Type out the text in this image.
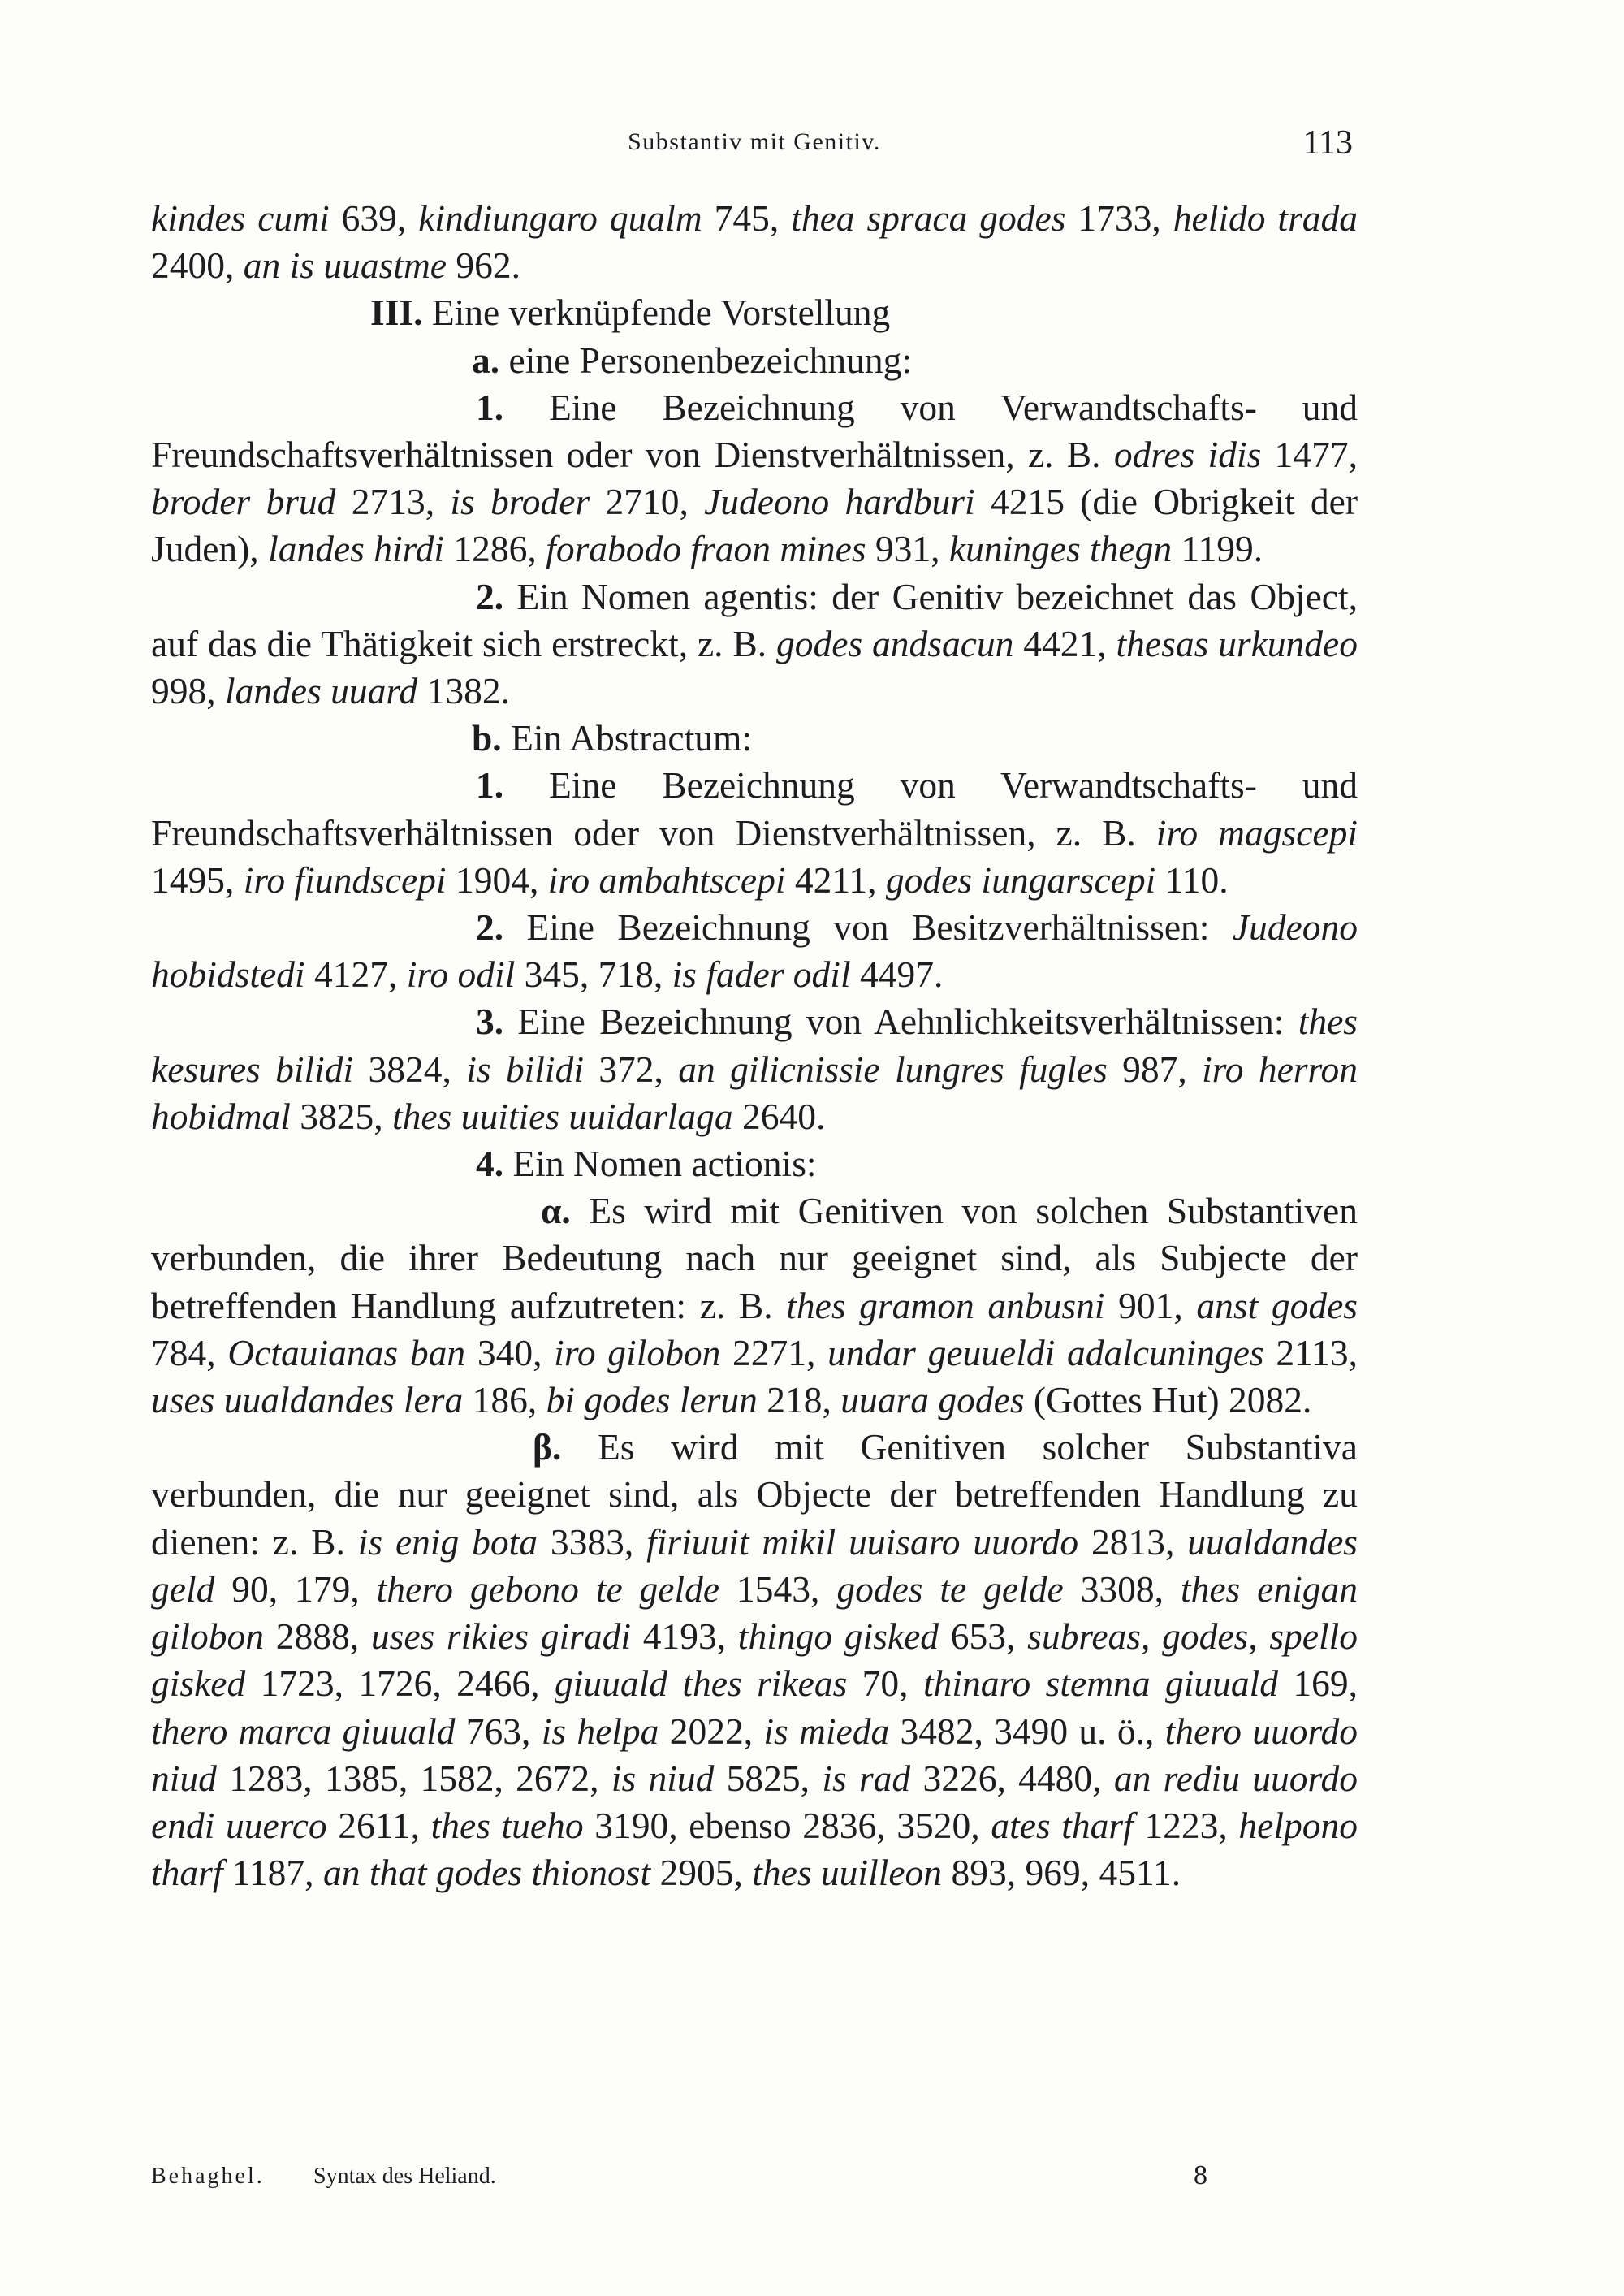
Substantiv mit Genitiv.	113

kindes cumi 639, kindiungaro qualm 745, thea spraca godes 1733, helido trada 2400, an is uuastme 962.

III. Eine verknüpfende Vorstellung

a. eine Personenbezeichnung:

1. Eine Bezeichnung von Verwandtschafts- und Freundschaftsverhältnissen oder von Dienstverhältnissen, z. B. odres idis 1477, broder brud 2713, is broder 2710, Judeono hardburi 4215 (die Obrigkeit der Juden), landes hirdi 1286, forabodo fraon mines 931, kuninges thegn 1199.

2. Ein Nomen agentis: der Genitiv bezeichnet das Object, auf das die Thätigkeit sich erstreckt, z. B. godes andsacun 4421, thesas urkundeo 998, landes uuard 1382.

b. Ein Abstractum:

1. Eine Bezeichnung von Verwandtschafts- und Freundschaftsverhältnissen oder von Dienstverhältnissen, z. B. iro magscepi 1495, iro fiundscepi 1904, iro ambahtscepi 4211, godes iungarscepi 110.

2. Eine Bezeichnung von Besitzverhältnissen: Judeono hobidstedi 4127, iro odil 345, 718, is fader odil 4497.

3. Eine Bezeichnung von Aehnlichkeitsverhältnissen: thes kesures bilidi 3824, is bilidi 372, an gilicnissie lungres fugles 987, iro herron hobidmal 3825, thes uuities uuidarlaga 2640.

4. Ein Nomen actionis:

α. Es wird mit Genitiven von solchen Substantiven verbunden, die ihrer Bedeutung nach nur geeignet sind, als Subjecte der betreffenden Handlung aufzutreten: z. B. thes gramon anbusni 901, anst godes 784, Octauianas ban 340, iro gilobon 2271, undar geuueldi adalcuninges 2113, uses uualdandes lera 186, bi godes lerun 218, uuara godes (Gottes Hut) 2082.

β. Es wird mit Genitiven solcher Substantiva verbunden, die nur geeignet sind, als Objecte der betreffenden Handlung zu dienen: z. B. is enig bota 3383, firiuuit mikil uuisaro uuordo 2813, uualdandes geld 90, 179, thero gebono te gelde 1543, godes te gelde 3308, thes enigan gilobon 2888, uses rikies giradi 4193, thingo gisked 653, subreas, godes, spello gisked 1723, 1726, 2466, giuuald thes rikeas 70, thinaro stemna giuuald 169, thero marca giuuald 763, is helpa 2022, is mieda 3482, 3490 u. ö., thero uuordo niud 1283, 1385, 1582, 2672, is niud 5825, is rad 3226, 4480, an rediu uuordo endi uuerco 2611, thes tueho 3190, ebenso 2836, 3520, ates tharf 1223, helpono tharf 1187, an that godes thionost 2905, thes uuilleon 893, 969, 4511.

Behaghel. Syntax des Heliand.	8
